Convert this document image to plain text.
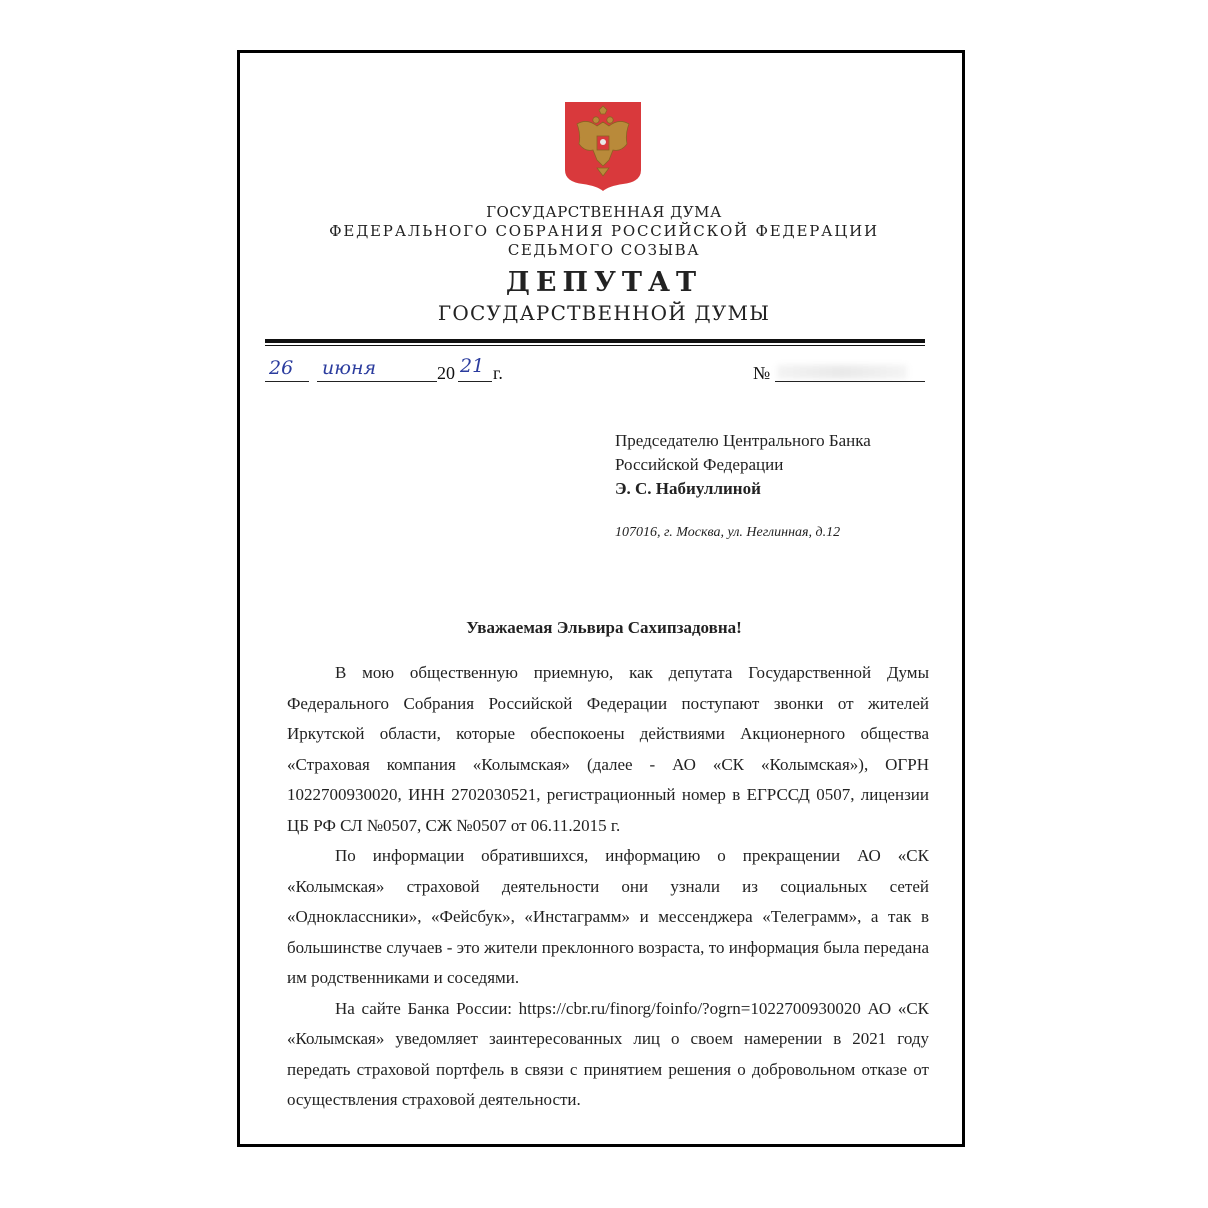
ГОСУДАРСТВЕННАЯ ДУМА
ФЕДЕРАЛЬНОГО СОБРАНИЯ РОССИЙСКОЙ ФЕДЕРАЦИИ
СЕДЬМОГО СОЗЫВА
ДЕПУТАТ
ГОСУДАРСТВЕННОЙ ДУМЫ
26 июня	20 21 г.	№
Председателю Центрального Банка
Российской Федерации
Э. С. Набиуллиной
107016, г. Москва, ул. Неглинная, д.12
Уважаемая Эльвира Сахипзадовна!

В мою общественную приемную, как депутата Государственной Думы Федерального Собрания Российской Федерации поступают звонки от жителей Иркутской области, которые обеспокоены действиями Акционерного общества «Страховая компания «Колымская» (далее - АО «СК «Колымская»), ОГРН 1022700930020, ИНН 2702030521, регистрационный номер в ЕГРССД 0507, лицензии ЦБ РФ СЛ №0507, СЖ №0507 от 06.11.2015 г.

По информации обратившихся, информацию о прекращении АО «СК «Колымская» страховой деятельности они узнали из социальных сетей «Одноклассники», «Фейсбук», «Инстаграмм» и мессенджера «Телеграмм», а так в большинстве случаев - это жители преклонного возраста, то информация была передана им родственниками и соседями.

На сайте Банка России: https://cbr.ru/finorg/foinfo/?ogrn=1022700930020 АО «СК «Колымская» уведомляет заинтересованных лиц о своем намерении в 2021 году передать страховой портфель в связи с принятием решения о добровольном отказе от осуществления страховой деятельности.
